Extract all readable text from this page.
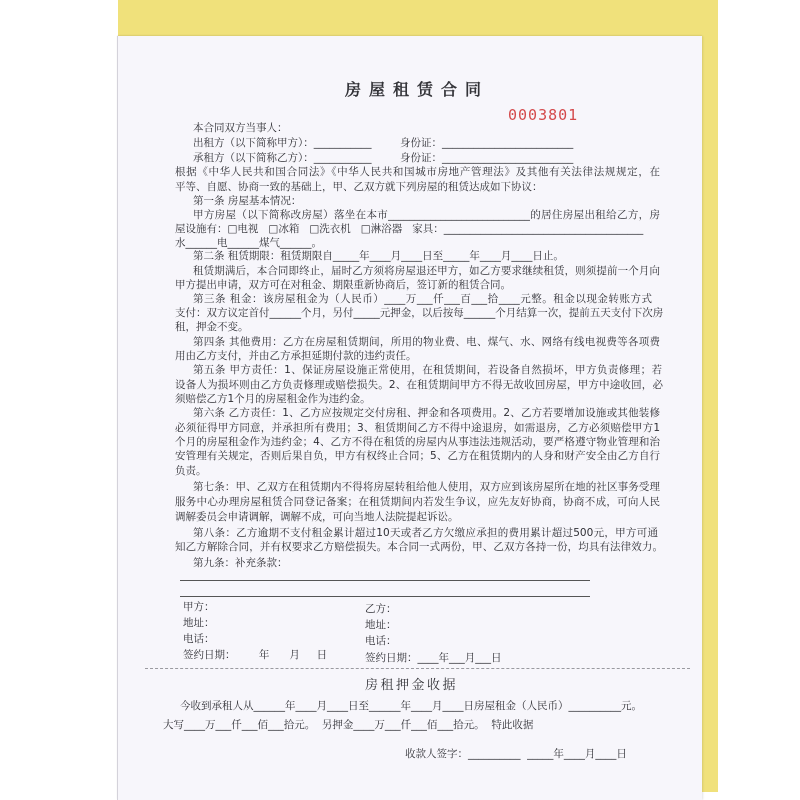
房屋租赁合同
0003801
本合同双方当事人：
出租方（以下简称甲方）：___________	身份证：_________________________
承租方（以下简称乙方）：___________	身份证：_________________________
根据《中华人民共和国合同法》《中华人民共和国城市房地产管理法》及其他有关法律法规规定，在
平等、自愿、协商一致的基础上，甲、乙双方就下列房屋的租赁达成如下协议：
第一条 房屋基本情况：
甲方房屋（以下简称改房屋）落坐在本市___________________________的居住房屋出租给乙方，房
屋设施有：□电视   □冰箱   □洗衣机   □淋浴器   家具：______________________________________
水______电______煤气______。
第二条 租赁期限：租赁期限自_____年____月____日至_____年____月____日止。
租赁期满后，本合同即终止，届时乙方须将房屋退还甲方，如乙方要求继续租赁，则须提前一个月向
甲方提出申请，双方可在对租金、期限重新协商后，签订新的租赁合同。
第三条 租金：该房屋租金为（人民币）____万___仟___百___拾____元整。租金以现金转账方式
支付：双方议定首付______个月，另付_____元押金，以后按每______个月结算一次，提前五天支付下次房
租，押金不变。
第四条 其他费用：乙方在房屋租赁期间，所用的物业费、电、煤气、水、网络有线电视费等各项费
用由乙方支付，并由乙方承担延期付款的违约责任。
第五条 甲方责任：1、保证房屋设施正常使用，在租赁期间，若设备自然损坏，甲方负责修理；若
设备人为损坏则由乙方负责修理或赔偿损失。2、在租赁期间甲方不得无故收回房屋，甲方中途收回，必
须赔偿乙方1个月的房屋租金作为违约金。
第六条 乙方责任：1、乙方应按规定交付房租、押金和各项费用。2、乙方若要增加设施或其他装修
必须征得甲方同意，并承担所有费用；3、租赁期间乙方不得中途退房，如需退房，乙方必须赔偿甲方1
个月的房屋租金作为违约金；4、乙方不得在租赁的房屋内从事违法违规活动，要严格遵守物业管理和治
安管理有关规定，否则后果自负，甲方有权终止合同；5、乙方在租赁期内的人身和财产安全由乙方自行
负责。
第七条：甲、乙双方在租赁期内不得将房屋转租给他人使用，双方应到该房屋所在地的社区事务受理
服务中心办理房屋租赁合同登记备案；在租赁期间内若发生争议，应先友好协商，协商不成，可向人民
调解委员会申请调解，调解不成，可向当地人法院提起诉讼。
第八条：乙方逾期不支付租金累计超过10天或者乙方欠缴应承担的费用累计超过500元，甲方可通
知乙方解除合同，并有权要求乙方赔偿损失。本合同一式两份，甲、乙双方各持一份，均具有法律效力。
第九条：补充条款：
甲方：
地址：
电话：
签约日期：       年      月     日
乙方：
地址：
电话：
签约日期：____年___月___日
房租押金收据
今收到承租人从______年____月____日至______年____月____日房屋租金（人民币）__________元。
大写____万___仟___佰___拾元。  另押金____万___仟___佰___拾元。  特此收据
收款人签字：__________  _____年____月____日
